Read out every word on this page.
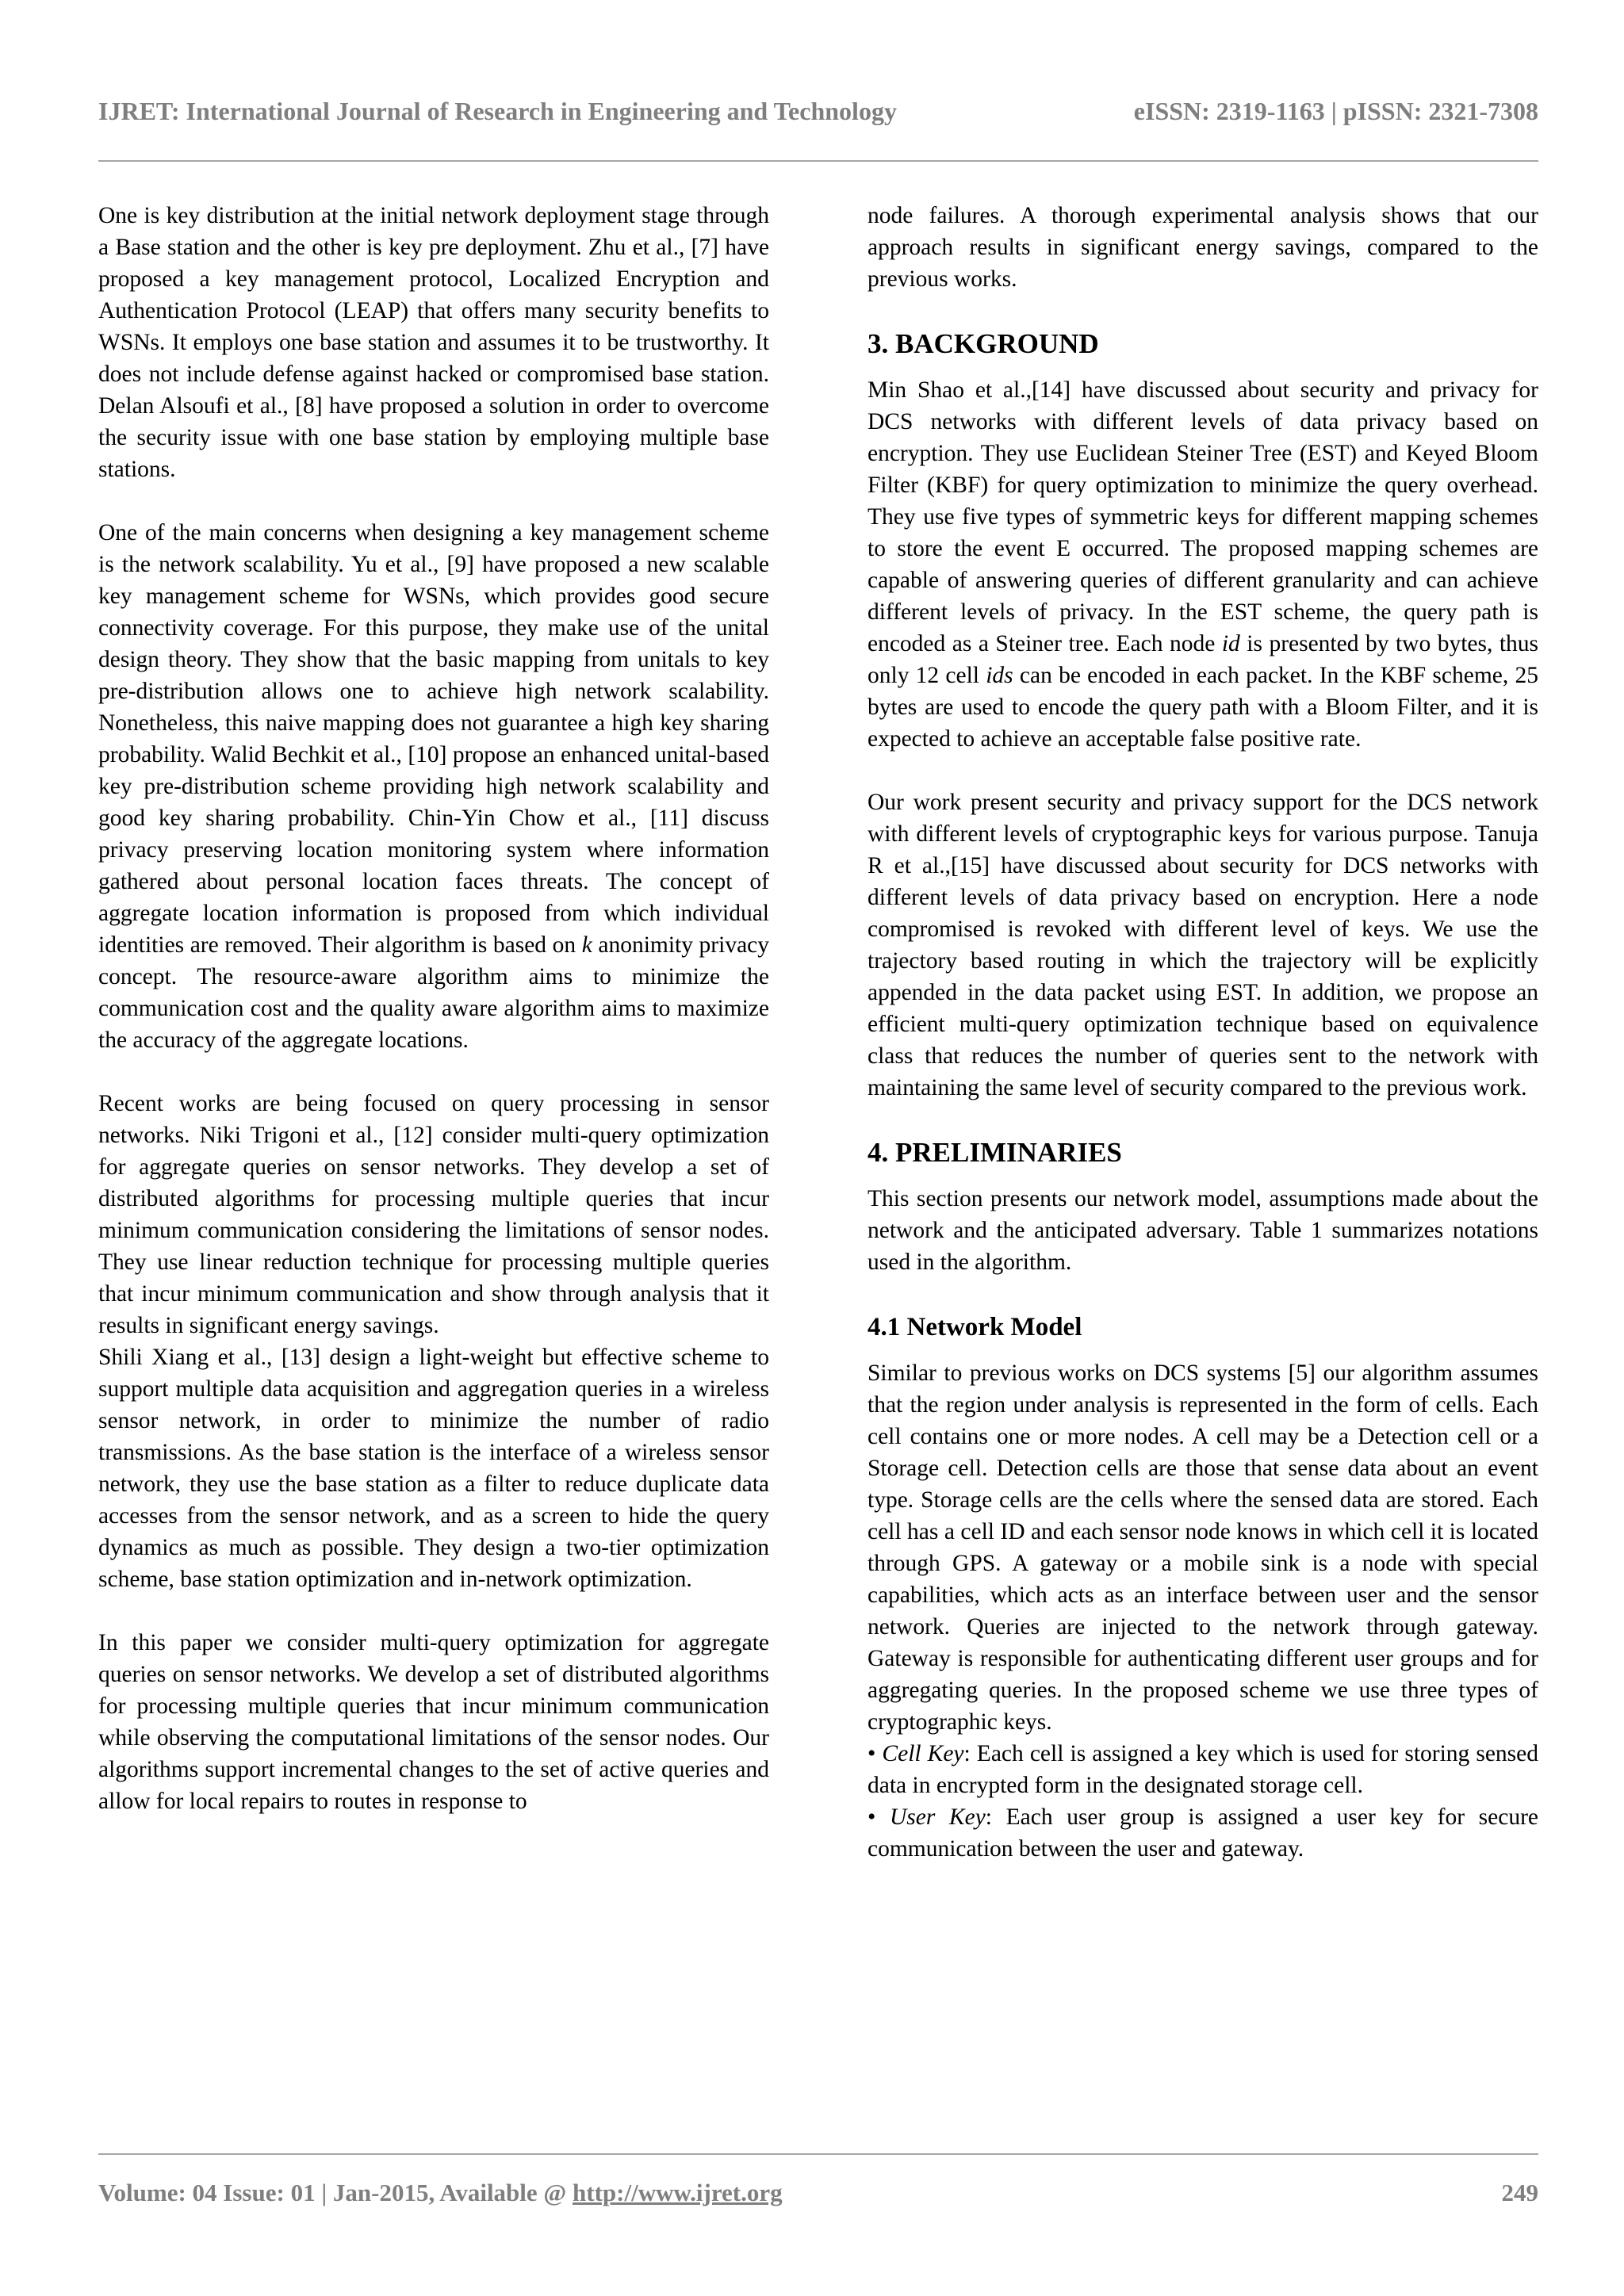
IJRET: International Journal of Research in Engineering and Technology	eISSN: 2319-1163 | pISSN: 2321-7308

One is key distribution at the initial network deployment stage through a Base station and the other is key pre deployment. Zhu et al., [7] have proposed a key management protocol, Localized Encryption and Authentication Protocol (LEAP) that offers many security benefits to WSNs. It employs one base station and assumes it to be trustworthy. It does not include defense against hacked or compromised base station. Delan Alsoufi et al., [8] have proposed a solution in order to overcome the security issue with one base station by employing multiple base stations.

One of the main concerns when designing a key management scheme is the network scalability. Yu et al., [9] have proposed a new scalable key management scheme for WSNs, which provides good secure connectivity coverage. For this purpose, they make use of the unital design theory. They show that the basic mapping from unitals to key pre-distribution allows one to achieve high network scalability. Nonetheless, this naive mapping does not guarantee a high key sharing probability. Walid Bechkit et al., [10] propose an enhanced unital-based key pre-distribution scheme providing high network scalability and good key sharing probability. Chin-Yin Chow et al., [11] discuss privacy preserving location monitoring system where information gathered about personal location faces threats. The concept of aggregate location information is proposed from which individual identities are removed. Their algorithm is based on k anonimity privacy concept. The resource-aware algorithm aims to minimize the communication cost and the quality aware algorithm aims to maximize the accuracy of the aggregate locations.

Recent works are being focused on query processing in sensor networks. Niki Trigoni et al., [12] consider multi-query optimization for aggregate queries on sensor networks. They develop a set of distributed algorithms for processing multiple queries that incur minimum communication considering the limitations of sensor nodes. They use linear reduction technique for processing multiple queries that incur minimum communication and show through analysis that it results in significant energy savings.

Shili Xiang et al., [13] design a light-weight but effective scheme to support multiple data acquisition and aggregation queries in a wireless sensor network, in order to minimize the number of radio transmissions. As the base station is the interface of a wireless sensor network, they use the base station as a filter to reduce duplicate data accesses from the sensor network, and as a screen to hide the query dynamics as much as possible. They design a two-tier optimization scheme, base station optimization and in-network optimization.

In this paper we consider multi-query optimization for aggregate queries on sensor networks. We develop a set of distributed algorithms for processing multiple queries that incur minimum communication while observing the computational limitations of the sensor nodes. Our algorithms support incremental changes to the set of active queries and allow for local repairs to routes in response to

node failures. A thorough experimental analysis shows that our approach results in significant energy savings, compared to the previous works.

3. BACKGROUND

Min Shao et al.,[14] have discussed about security and privacy for DCS networks with different levels of data privacy based on encryption. They use Euclidean Steiner Tree (EST) and Keyed Bloom Filter (KBF) for query optimization to minimize the query overhead. They use five types of symmetric keys for different mapping schemes to store the event E occurred. The proposed mapping schemes are capable of answering queries of different granularity and can achieve different levels of privacy. In the EST scheme, the query path is encoded as a Steiner tree. Each node id is presented by two bytes, thus only 12 cell ids can be encoded in each packet. In the KBF scheme, 25 bytes are used to encode the query path with a Bloom Filter, and it is expected to achieve an acceptable false positive rate.

Our work present security and privacy support for the DCS network with different levels of cryptographic keys for various purpose. Tanuja R et al.,[15] have discussed about security for DCS networks with different levels of data privacy based on encryption. Here a node compromised is revoked with different level of keys. We use the trajectory based routing in which the trajectory will be explicitly appended in the data packet using EST. In addition, we propose an efficient multi-query optimization technique based on equivalence class that reduces the number of queries sent to the network with maintaining the same level of security compared to the previous work.

4. PRELIMINARIES

This section presents our network model, assumptions made about the network and the anticipated adversary. Table 1 summarizes notations used in the algorithm.

4.1 Network Model

Similar to previous works on DCS systems [5] our algorithm assumes that the region under analysis is represented in the form of cells. Each cell contains one or more nodes. A cell may be a Detection cell or a Storage cell. Detection cells are those that sense data about an event type. Storage cells are the cells where the sensed data are stored. Each cell has a cell ID and each sensor node knows in which cell it is located through GPS. A gateway or a mobile sink is a node with special capabilities, which acts as an interface between user and the sensor network. Queries are injected to the network through gateway. Gateway is responsible for authenticating different user groups and for aggregating queries. In the proposed scheme we use three types of cryptographic keys.

• Cell Key: Each cell is assigned a key which is used for storing sensed data in encrypted form in the designated storage cell.

• User Key: Each user group is assigned a user key for secure communication between the user and gateway.

Volume: 04 Issue: 01 | Jan-2015, Available @ http://www.ijret.org	249
